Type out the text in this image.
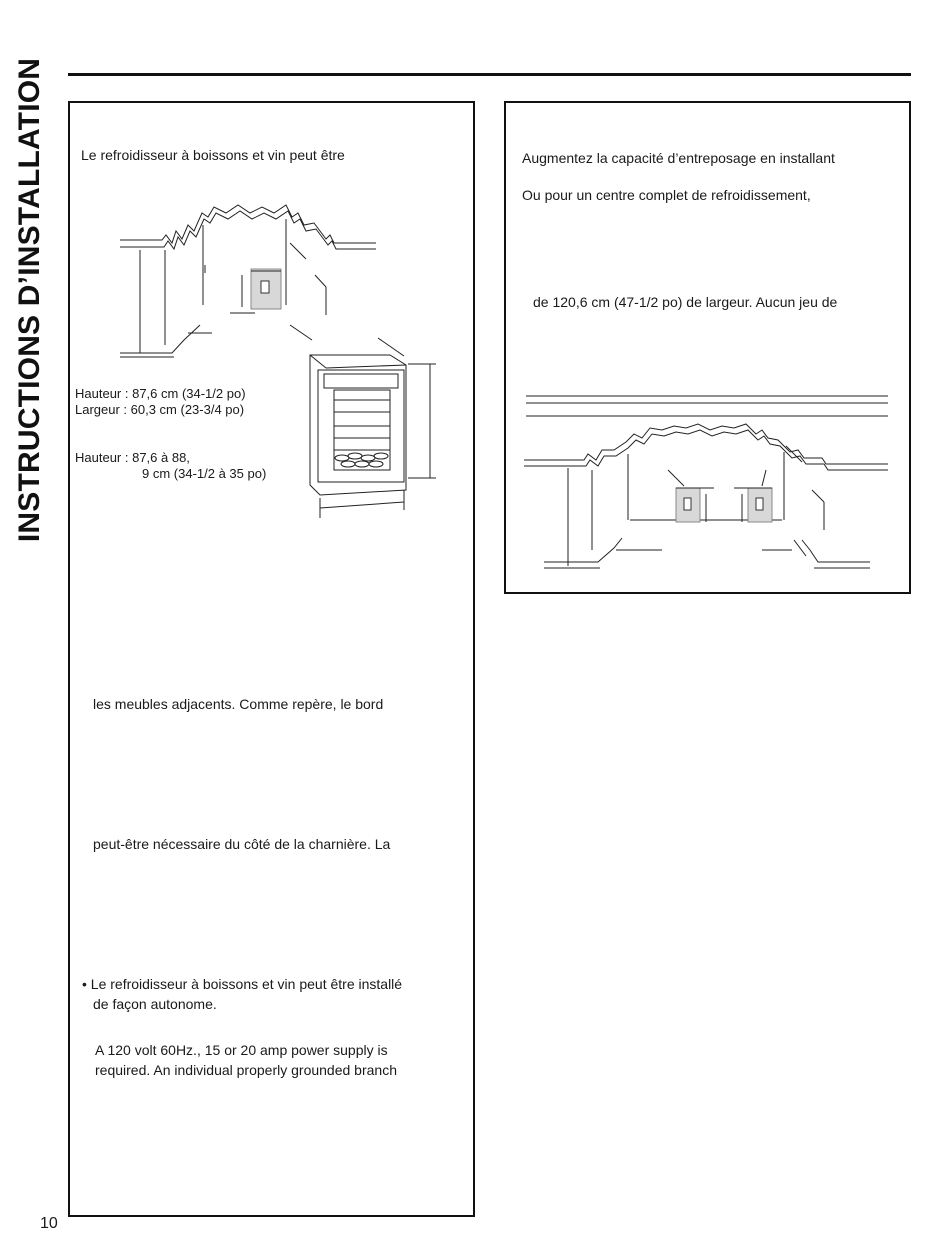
INSTRUCTIONS D’INSTALLATION	Le refroidisseur à boissons et vin peut être
Hauteur : 87,6 cm (34-1/2 po)
Largeur : 60,3 cm (23-3/4 po)
Hauteur : 87,6 à 88,
9 cm (34-1/2 à 35 po)
les meubles adjacents. Comme repère, le bord
peut-être nécessaire du côté de la charnière. La
• Le refroidisseur à boissons et vin peut être installé
de façon autonome.
A 120 volt 60Hz., 15 or 20 amp power supply is
required. An individual properly grounded branch
Augmentez la capacité d’entreposage en installant
Ou pour un centre complet de refroidissement,
de 120,6 cm (47-1/2 po) de largeur. Aucun jeu de
10
